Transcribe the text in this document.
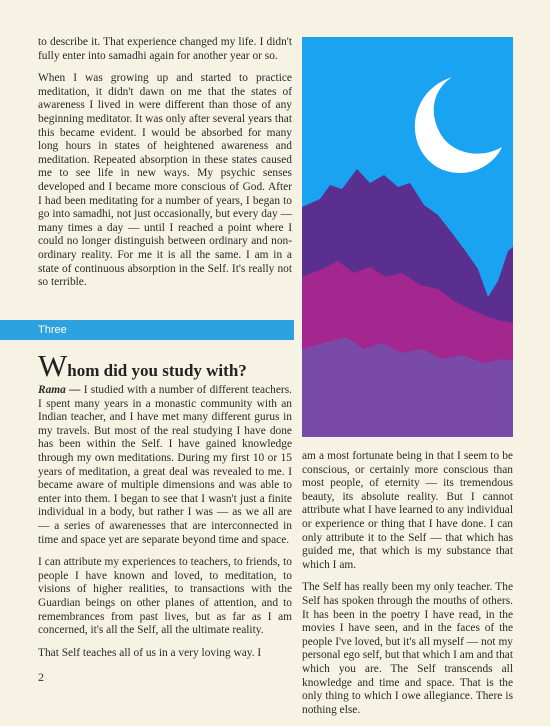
to describe it. That experience changed my life. I didn't fully enter into samadhi again for another year or so.

When I was growing up and started to practice meditation, it didn't dawn on me that the states of awareness I lived in were different than those of any beginning meditator. It was only after several years that this became evident. I would be absorbed for many long hours in states of heightened awareness and meditation. Repeated absorption in these states caused me to see life in new ways. My psychic senses developed and I became more conscious of God. After I had been meditating for a number of years, I began to go into samadhi, not just occasionally, but every day — many times a day — until I reached a point where I could no longer distinguish between ordinary and non-ordinary reality. For me it is all the same. I am in a state of continuous absorption in the Self. It's really not so terrible.

Three
Whom did you study with?

Rama — I studied with a number of different teachers. I spent many years in a monastic community with an Indian teacher, and I have met many different gurus in my travels. But most of the real studying I have done has been within the Self. I have gained knowledge through my own meditations. During my first 10 or 15 years of meditation, a great deal was revealed to me. I became aware of multiple dimensions and was able to enter into them. I began to see that I wasn't just a finite individual in a body, but rather I was — as we all are — a series of awarenesses that are interconnected in time and space yet are separate beyond time and space.

I can attribute my experiences to teachers, to friends, to people I have known and loved, to meditation, to visions of higher realities, to transactions with the Guardian beings on other planes of attention, and to remembrances from past lives, but as far as I am concerned, it's all the Self, all the ultimate reality.

That Self teaches all of us in a very loving way. I

am a most fortunate being in that I seem to be conscious, or certainly more conscious than most people, of eternity — its tremendous beauty, its absolute reality. But I cannot attribute what I have learned to any individual or experience or thing that I have done. I can only attribute it to the Self — that which has guided me, that which is my substance that which I am.

The Self has really been my only teacher. The Self has spoken through the mouths of others. It has been in the poetry I have read, in the movies I have seen, and in the faces of the people I've loved, but it's all myself — not my personal ego self, but that which I am and that which you are. The Self transcends all knowledge and time and space. That is the only thing to which I owe allegiance. There is nothing else.

2
